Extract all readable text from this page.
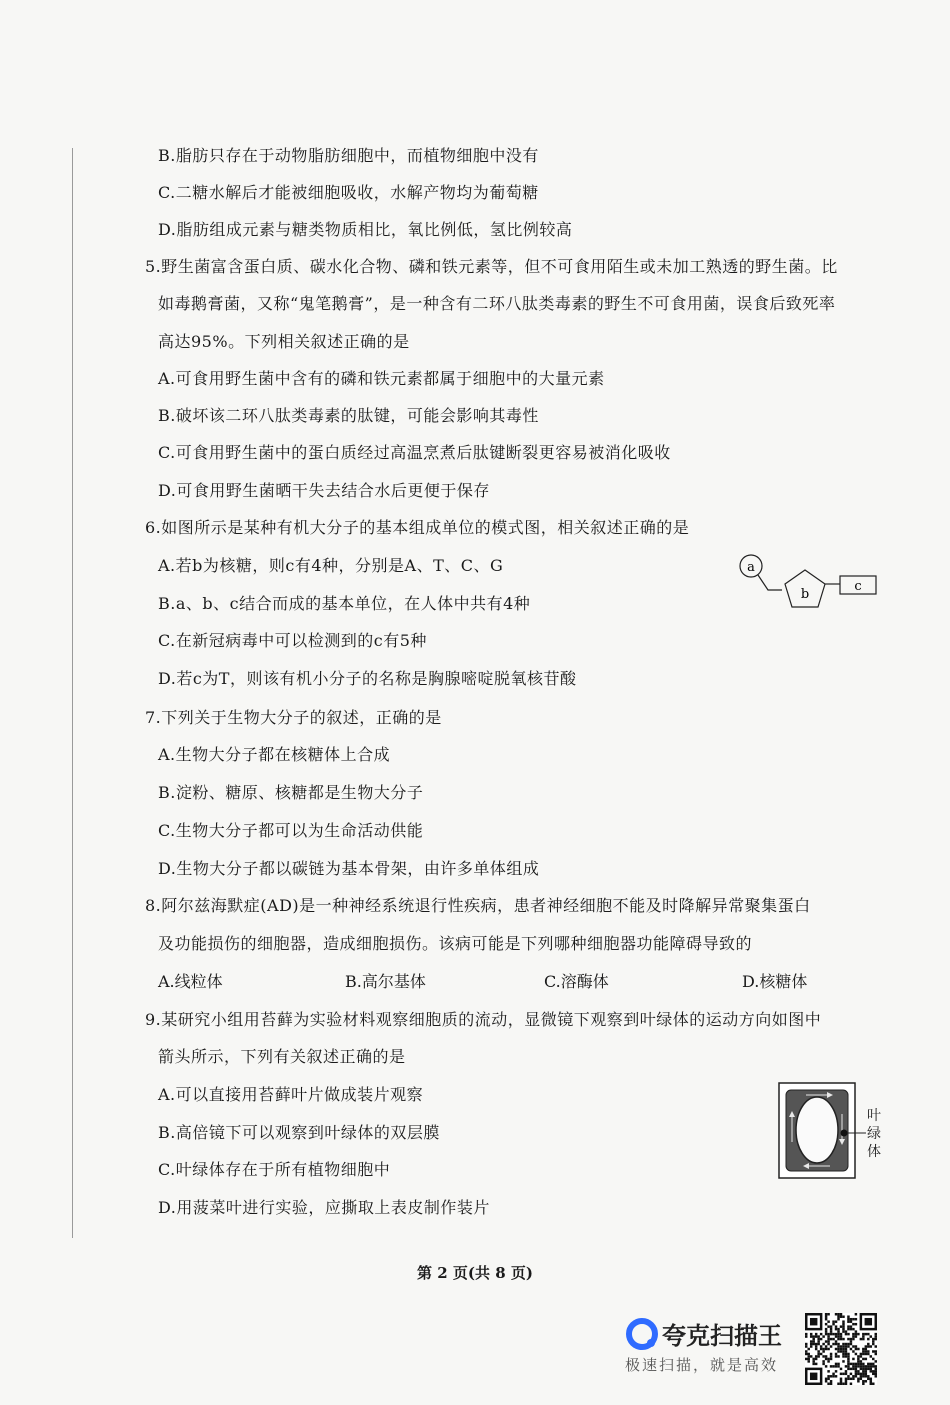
B.脂肪只存在于动物脂肪细胞中，而植物细胞中没有
C.二糖水解后才能被细胞吸收，水解产物均为葡萄糖
D.脂肪组成元素与糖类物质相比，氧比例低，氢比例较高
5.野生菌富含蛋白质、碳水化合物、磷和铁元素等，但不可食用陌生或未加工熟透的野生菌。比
如毒鹅膏菌，又称“鬼笔鹅膏”，是一种含有二环八肽类毒素的野生不可食用菌，误食后致死率
高达95%。下列相关叙述正确的是
A.可食用野生菌中含有的磷和铁元素都属于细胞中的大量元素
B.破坏该二环八肽类毒素的肽键，可能会影响其毒性
C.可食用野生菌中的蛋白质经过高温烹煮后肽键断裂更容易被消化吸收
D.可食用野生菌晒干失去结合水后更便于保存
6.如图所示是某种有机大分子的基本组成单位的模式图，相关叙述正确的是
A.若b为核糖，则c有4种，分别是A、T、C、G
B.a、b、c结合而成的基本单位，在人体中共有4种
C.在新冠病毒中可以检测到的c有5种
D.若c为T，则该有机小分子的名称是胸腺嘧啶脱氧核苷酸
a
b
c
7.下列关于生物大分子的叙述，正确的是
A.生物大分子都在核糖体上合成
B.淀粉、糖原、核糖都是生物大分子
C.生物大分子都可以为生命活动供能
D.生物大分子都以碳链为基本骨架，由许多单体组成
8.阿尔兹海默症(AD)是一种神经系统退行性疾病，患者神经细胞不能及时降解异常聚集蛋白
及功能损伤的细胞器，造成细胞损伤。该病可能是下列哪种细胞器功能障碍导致的
A.线粒体	B.高尔基体	C.溶酶体	D.核糖体
9.某研究小组用苔藓为实验材料观察细胞质的流动，显微镜下观察到叶绿体的运动方向如图中
箭头所示，下列有关叙述正确的是
A.可以直接用苔藓叶片做成装片观察
B.高倍镜下可以观察到叶绿体的双层膜
C.叶绿体存在于所有植物细胞中
D.用菠菜叶进行实验，应撕取上表皮制作装片
叶 绿 体
第 2 页(共 8 页)
夸克扫描王
极速扫描，就是高效
